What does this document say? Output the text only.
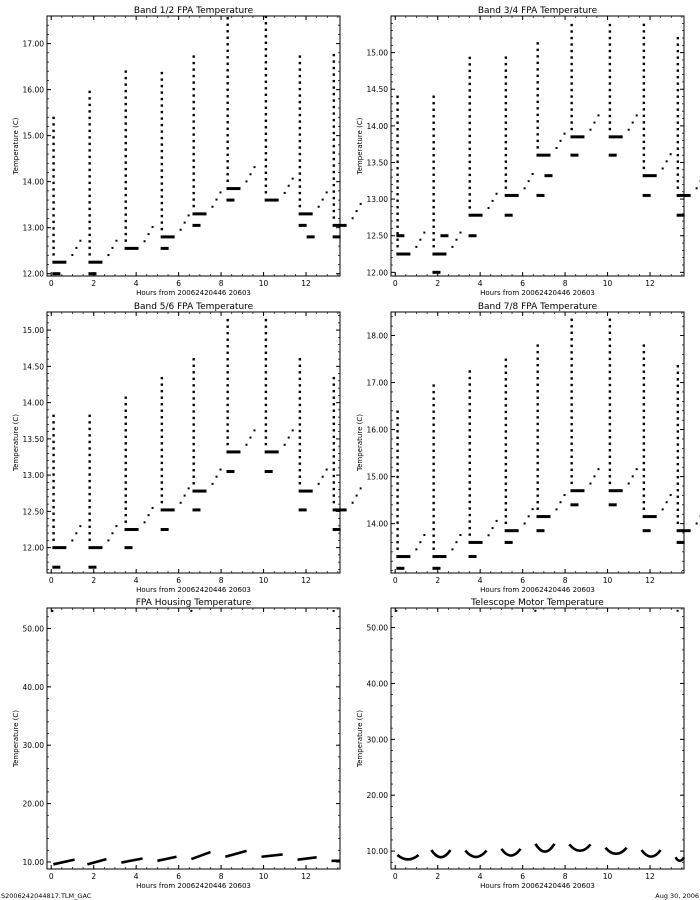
Band 1/2 FPA Temperature
12.00
13.00
14.00
15.00
16.00
17.00
0	2	4	6	8	10	12
Hours from 20062420446 20603
Temperature (C)
Band 3/4 FPA Temperature
12.00
12.50
13.00
13.50
14.00
14.50
15.00
0	2	4	6	8	10	12
Hours from 20062420446 20603
Temperature (C)
Band 5/6 FPA Temperature
12.00
12.50
13.00
13.50
14.00
14.50
15.00
0	2	4	6	8	10	12
Hours from 20062420446 20603
Temperature (C)
Band 7/8 FPA Temperature
14.00
15.00
16.00
17.00
18.00
0	2	4	6	8	10	12
Hours from 20062420446 20603
Temperature (C)
FPA Housing Temperature
10.00
20.00
30.00
40.00
50.00
0	2	4	6	8	10	12
Hours from 20062420446 20603
Temperature (C)
Telescope Motor Temperature
10.00
20.00
30.00
40.00
50.00
0	2	4	6	8	10	12
Hours from 20062420446 20603
Temperature (C)
S2006242044817.TLM_GAC	Aug 30, 2006
